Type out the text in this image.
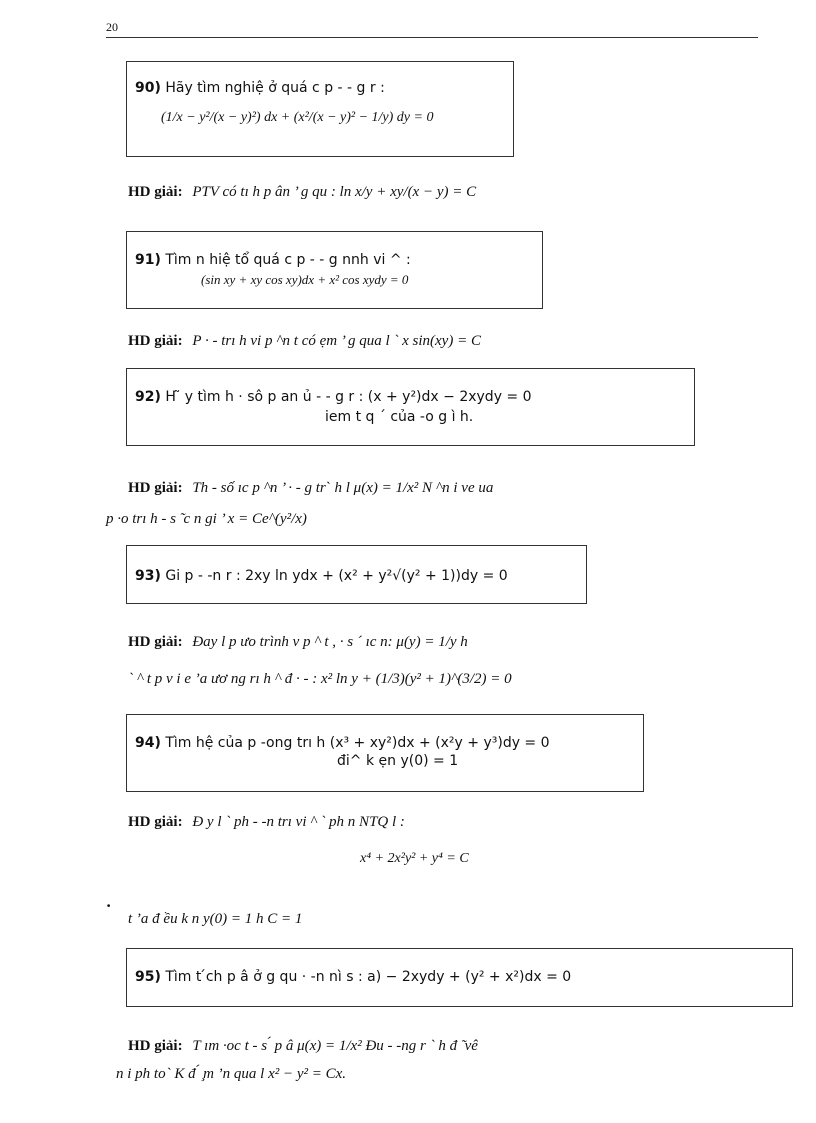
20
90) Hãy tìm nghiệ ở quá c p - - g r :
(1/x − y²/(x − y)²) dx + (x²/(x − y)² − 1/y) dy = 0
HD giải: PTV có tı h p ân ’ g qu : ln x/y + xy/(x − y) = C
91) Tìm n hiệ tổ quá c p - - g nnh vi ^ :
(sin xy + xy cos xy)dx + x² cos xydy = 0
HD giải: P · - trı h vi p ^n t có ẹm ’ g qua l ` x sin(xy) = C
92) H ̃ y tìm h · sô p an ủ - - g r : (x + y²)dx − 2xydy = 0
iem t q ´ của -o g ì h.
HD giải: Th - số ıc p ^n ’ · - g trˋ h l μ(x) = 1/x² N ^n i ve ua
p ·o trı h - s ̃ c n gi ’ x = Ce^(y²/x)
93) Gi p - -n r : 2xy ln ydx + (x² + y²√(y² + 1))dy = 0
HD giải: Đay l p ưo trình v p ^ t , · s ´ ıc n: μ(y) = 1/y h
` ^ t p v i e ’a ươ ng rı h ^ đ · - : x² ln y + (1/3)(y² + 1)^(3/2) = 0
94) Tìm hệ của p -ong trı h (x³ + xy²)dx + (x²y + y³)dy = 0
đi^ k ẹn y(0) = 1
HD giải: Đ y l ` ph - -n trı vi ^ ` ph n NTQ l :
x⁴ + 2x²y² + y⁴ = C
.
t ’a đ ều k n y(0) = 1 h C = 1
95) Tìm t ́ch p â ở g qu · -n nì s : a) − 2xydy + (y² + x²)dx = 0
HD giải: T ım ·oc t - s ́ p â μ(x) = 1/x² Đu - -ng r ` h đ ̃ vê
n i ph to` K đ ́ ̧m ’n qua l x² − y² = Cx.
